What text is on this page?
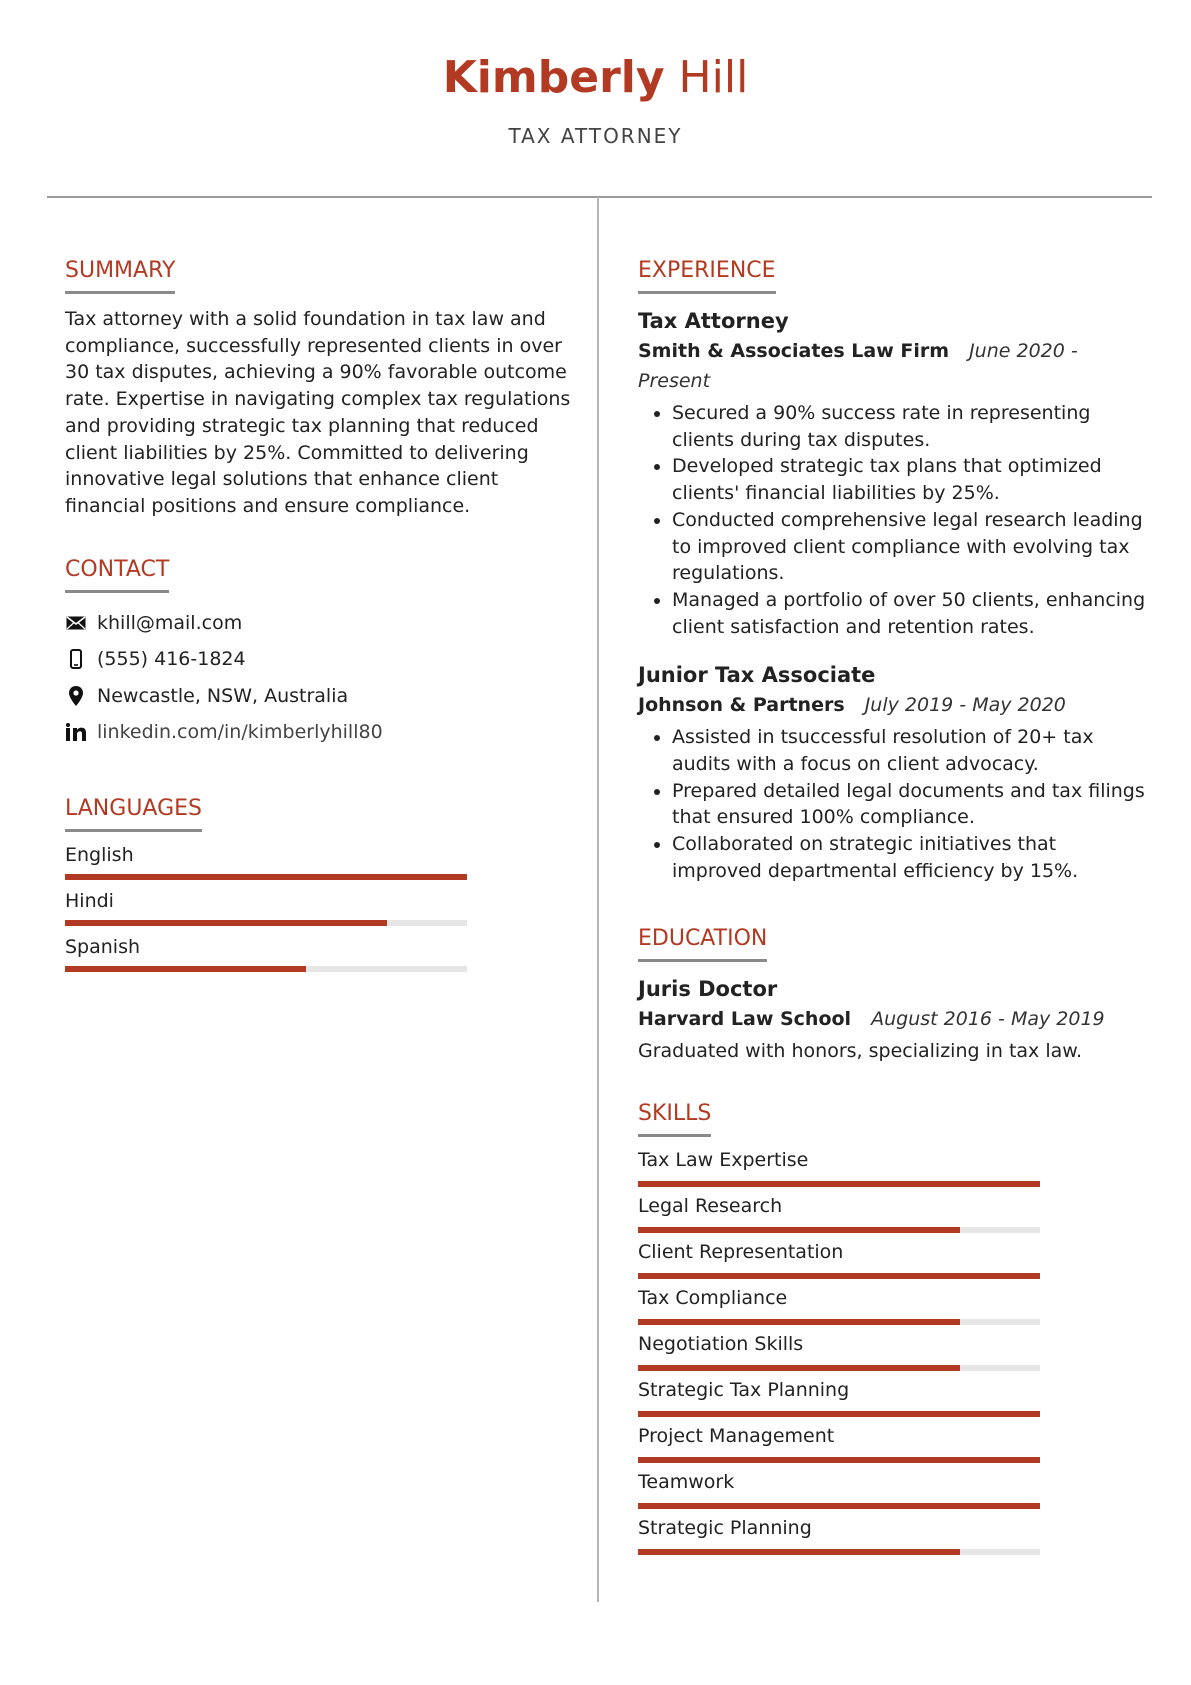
Kimberly Hill
TAX ATTORNEY
SUMMARY

Tax attorney with a solid foundation in tax law and compliance, successfully represented clients in over 30 tax disputes, achieving a 90% favorable outcome rate. Expertise in navigating complex tax regulations and providing strategic tax planning that reduced client liabilities by 25%. Committed to delivering innovative legal solutions that enhance client financial positions and ensure compliance.

CONTACT
khill@mail.com
(555) 416-1824
Newcastle, NSW, Australia
linkedin.com/in/kimberlyhill80
LANGUAGES
English
Hindi
Spanish
EXPERIENCE

Tax Attorney

Smith & Associates Law Firm June 2020 - Present

• Secured a 90% success rate in representing clients during tax disputes.
• Developed strategic tax plans that optimized clients' financial liabilities by 25%.
• Conducted comprehensive legal research leading to improved client compliance with evolving tax regulations.
• Managed a portfolio of over 50 clients, enhancing client satisfaction and retention rates.

Junior Tax Associate

Johnson & Partners July 2019 - May 2020

• Assisted in tsuccessful resolution of 20+ tax audits with a focus on client advocacy.
• Prepared detailed legal documents and tax filings that ensured 100% compliance.
• Collaborated on strategic initiatives that improved departmental efficiency by 15%.
EDUCATION

Juris Doctor

Harvard Law School August 2016 - May 2019

Graduated with honors, specializing in tax law.

SKILLS
Tax Law Expertise
Legal Research
Client Representation
Tax Compliance
Negotiation Skills
Strategic Tax Planning
Project Management
Teamwork
Strategic Planning
